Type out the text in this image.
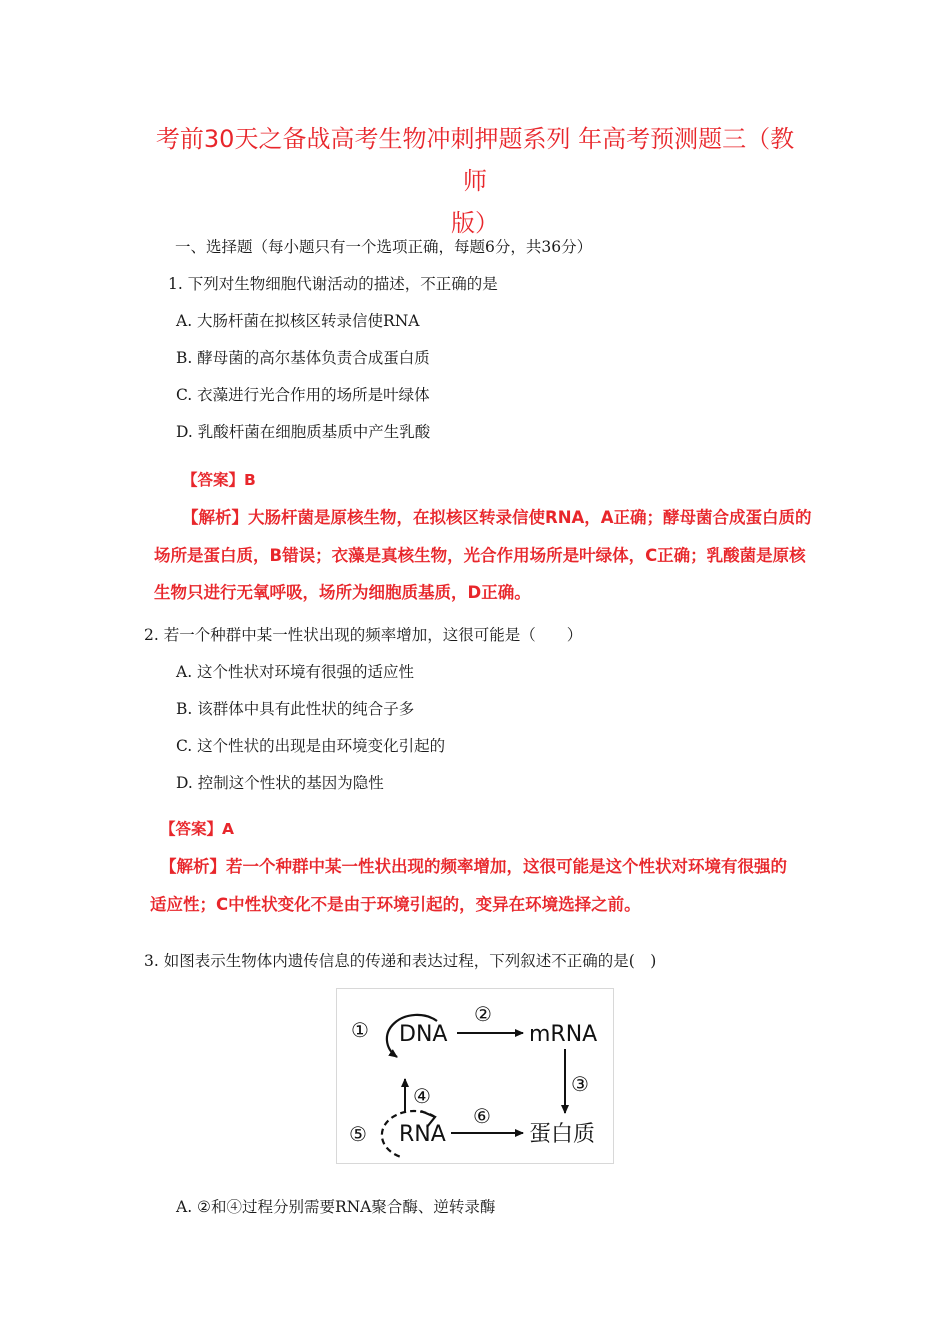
考前30天之备战高考生物冲刺押题系列 年高考预测题三（教师
版）
一、选择题（每小题只有一个选项正确，每题6分，共36分）
1. 下列对生物细胞代谢活动的描述，不正确的是
A. 大肠杆菌在拟核区转录信使RNA
B. 酵母菌的高尔基体负责合成蛋白质
C. 衣藻进行光合作用的场所是叶绿体
D. 乳酸杆菌在细胞质基质中产生乳酸
【答案】B
【解析】大肠杆菌是原核生物，在拟核区转录信使RNA，A正确；酵母菌合成蛋白质的
场所是蛋白质，B错误；衣藻是真核生物，光合作用场所是叶绿体，C正确；乳酸菌是原核
生物只进行无氧呼吸，场所为细胞质基质，D正确。
2. 若一个种群中某一性状出现的频率增加，这很可能是（　　）
A. 这个性状对环境有很强的适应性
B. 该群体中具有此性状的纯合子多
C. 这个性状的出现是由环境变化引起的
D. 控制这个性状的基因为隐性
【答案】A
【解析】若一个种群中某一性状出现的频率增加，这很可能是这个性状对环境有很强的
适应性；C中性状变化不是由于环境引起的，变异在环境选择之前。
3. 如图表示生物体内遗传信息的传递和表达过程，下列叙述不正确的是(　)
① DNA
②
mRNA
③
④
⑤ RNA
⑥
蛋白质
A. ②和④过程分别需要RNA聚合酶、逆转录酶
